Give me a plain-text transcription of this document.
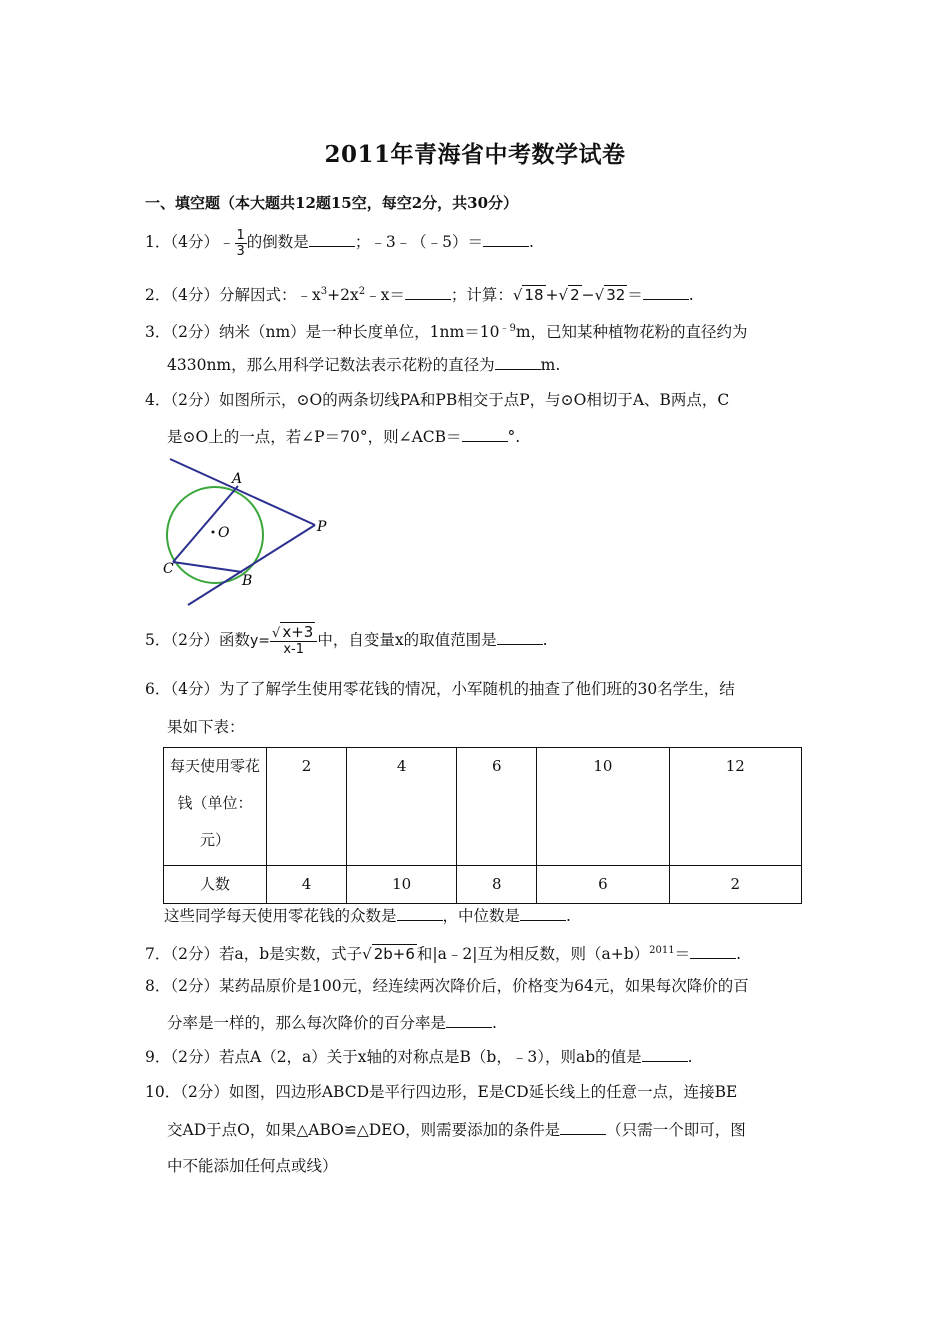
2011年青海省中考数学试卷
一、填空题（本大题共12题15空，每空2分，共30分）
1．（4分）﹣ $\frac{1}{3}$ 的倒数是	；﹣3﹣（﹣5）＝	.
2．（4分）分解因式：$﹣x^3+2x^2﹣x=$	；计算：√ 18 +√ 2 −√ 32 ＝	.
3．（2分）纳米（nm）是一种长度单位，$1nm=10^{﹣9}m$，已知某种植物花粉的直径约为
4330nm，那么用科学记数法表示花粉的直径为	m.
4．（2分）如图所示，⊙O的两条切线PA和PB相交于点P，与⊙O相切于A、B两点，C
是⊙O上的一点，若∠P＝70°，则∠ACB＝	°.
A
B
C
O	P
5．（2分）函数$y= \frac{√ x+3}{x-1}$ 中，自变量x的取值范围是	.
6．（4分）为了了解学生使用零花钱的情况，小军随机的抽查了他们班的30名学生，结
果如下表：
每天使用零花
钱（单位：
元）	2	4	6	10	12
人数	4	10	8	6	2
这些同学每天使用零花钱的众数是	，中位数是	.
7．（2分）若a，b是实数，式子√ 2b+6 和|a﹣2|互为相反数，则$(a+b)^{2011}=$	.
8．（2分）某药品原价是100元，经连续两次降价后，价格变为64元，如果每次降价的百
分率是一样的，那么每次降价的百分率是	.
9．（2分）若点A（2，a）关于x轴的对称点是B（b，﹣3），则ab的值是	.
10．（2分）如图，四边形ABCD是平行四边形，E是CD延长线上的任意一点，连接BE
交AD于点O，如果△ABO≌△DEO，则需要添加的条件是	（只需一个即可，图
中不能添加任何点或线）
